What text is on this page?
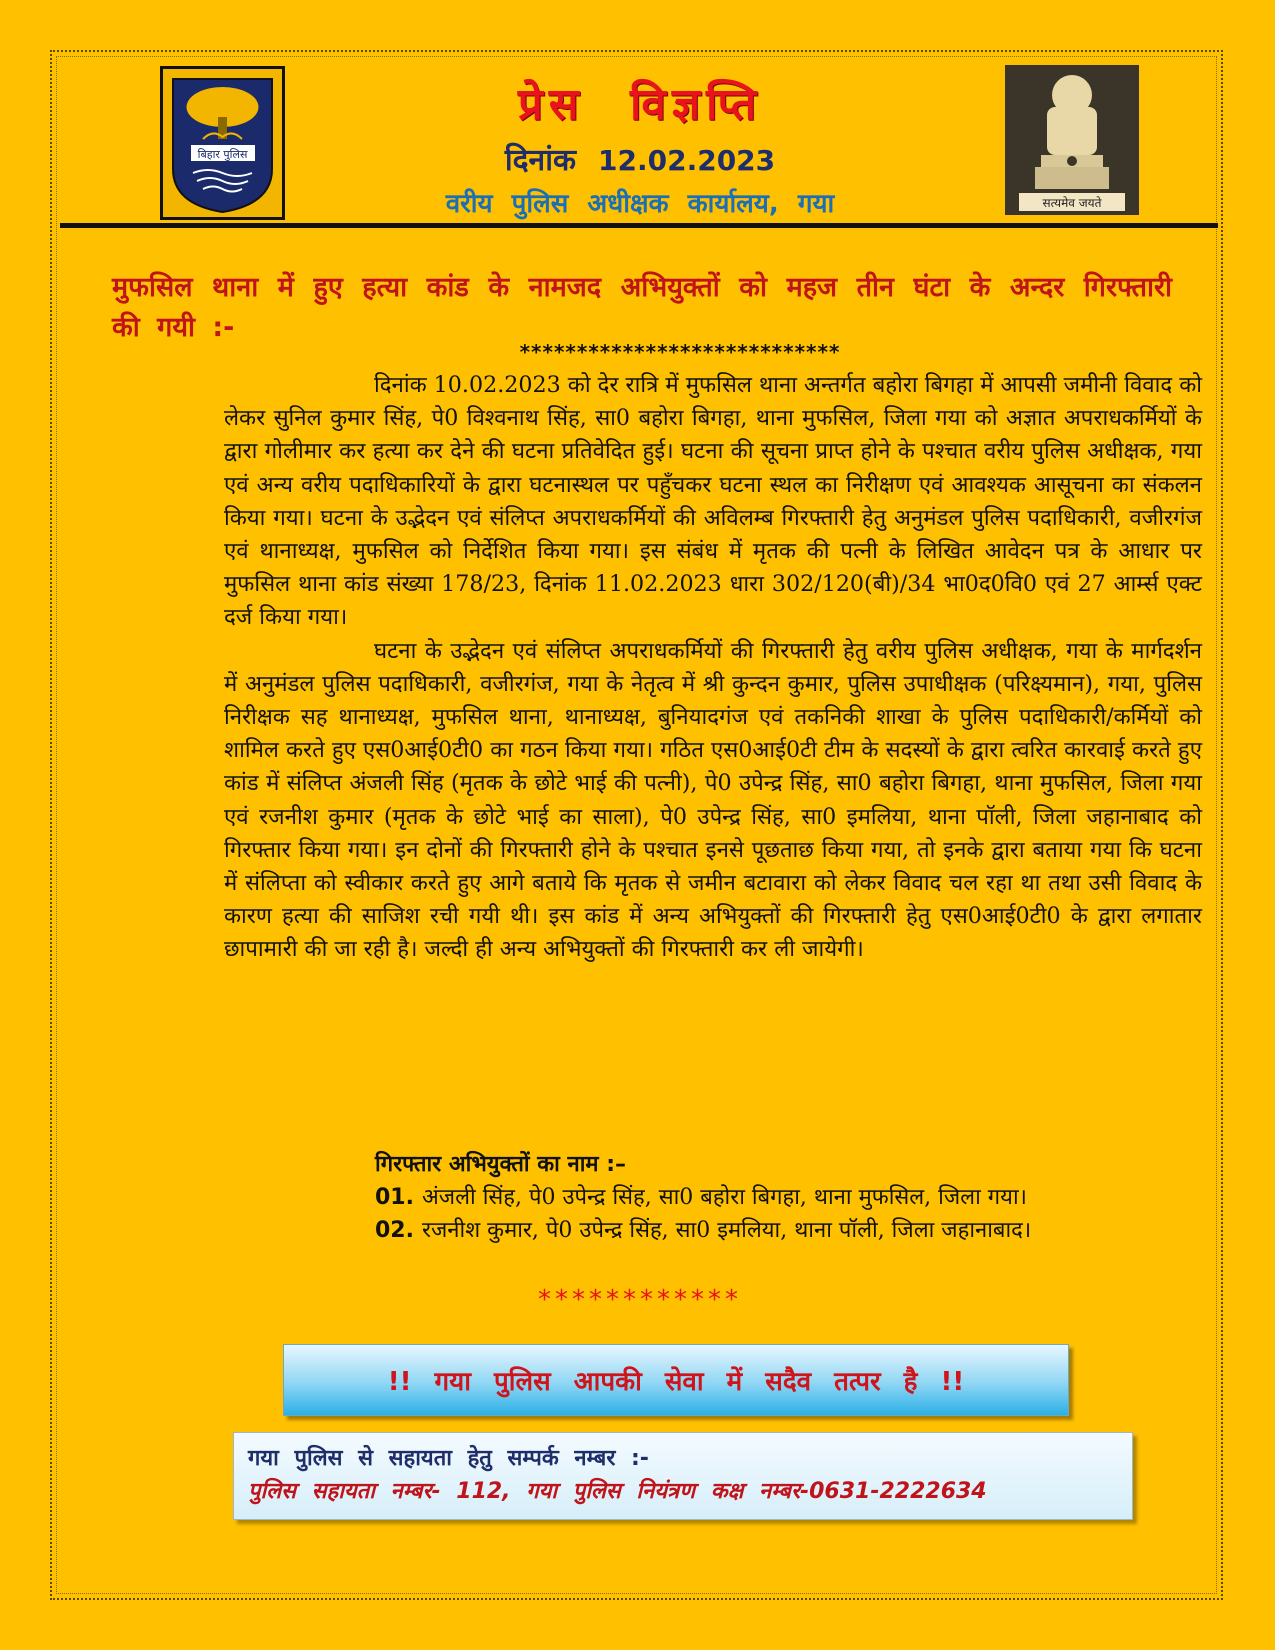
बिहार पुलिस
सत्यमेव जयते
प्रेस विज्ञप्ति
दिनांक 12.02.2023
वरीय पुलिस अधीक्षक कार्यालय, गया
मुफसिल थाना में हुए हत्या कांड के नामजद अभियुक्तों को महज तीन घंटा के अन्दर गिरफ्तारी की गयी :-
****************************

दिनांक 10.02.2023 को देर रात्रि में मुफसिल थाना अन्तर्गत बहोरा बिगहा में आपसी जमीनी विवाद को लेकर सुनिल कुमार सिंह, पे0 विश्वनाथ सिंह, सा0 बहोरा बिगहा, थाना मुफसिल, जिला गया को अज्ञात अपराधकर्मियों के द्वारा गोलीमार कर हत्या कर देने की घटना प्रतिवेदित हुई। घटना की सूचना प्राप्त होने के पश्चात वरीय पुलिस अधीक्षक, गया एवं अन्य वरीय पदाधिकारियों के द्वारा घटनास्थल पर पहुँचकर घटना स्थल का निरीक्षण एवं आवश्यक आसूचना का संकलन किया गया। घटना के उद्भेदन एवं संलिप्त अपराधकर्मियों की अविलम्ब गिरफ्तारी हेतु अनुमंडल पुलिस पदाधिकारी, वजीरगंज एवं थानाध्यक्ष, मुफसिल को निर्देशित किया गया। इस संबंध में मृतक की पत्नी के लिखित आवेदन पत्र के आधार पर मुफसिल थाना कांड संख्या 178/23, दिनांक 11.02.2023 धारा 302/120(बी)/34 भा0द0वि0 एवं 27 आर्म्स एक्ट दर्ज किया गया।

घटना के उद्भेदन एवं संलिप्त अपराधकर्मियों की गिरफ्तारी हेतु वरीय पुलिस अधीक्षक, गया के मार्गदर्शन में अनुमंडल पुलिस पदाधिकारी, वजीरगंज, गया के नेतृत्व में श्री कुन्दन कुमार, पुलिस उपाधीक्षक (परिक्ष्यमान), गया, पुलिस निरीक्षक सह थानाध्यक्ष, मुफसिल थाना, थानाध्यक्ष, बुनियादगंज एवं तकनिकी शाखा के पुलिस पदाधिकारी/कर्मियों को शामिल करते हुए एस0आई0टी0 का गठन किया गया। गठित एस0आई0टी टीम के सदस्यों के द्वारा त्वरित कारवाई करते हुए कांड में संलिप्त अंजली सिंह (मृतक के छोटे भाई की पत्नी), पे0 उपेन्द्र सिंह, सा0 बहोरा बिगहा, थाना मुफसिल, जिला गया एवं रजनीश कुमार (मृतक के छोटे भाई का साला), पे0 उपेन्द्र सिंह, सा0 इमलिया, थाना पॉली, जिला जहानाबाद को गिरफ्तार किया गया। इन दोनों की गिरफ्तारी होने के पश्चात इनसे पूछताछ किया गया, तो इनके द्वारा बताया गया कि घटना में संलिप्ता को स्वीकार करते हुए आगे बताये कि मृतक से जमीन बटावारा को लेकर विवाद चल रहा था तथा उसी विवाद के कारण हत्या की साजिश रची गयी थी। इस कांड में अन्य अभियुक्तों की गिरफ्तारी हेतु एस0आई0टी0 के द्वारा लगातार छापामारी की जा रही है। जल्दी ही अन्य अभियुक्तों की गिरफ्तारी कर ली जायेगी।

गिरफ्तार अभियुक्तों का नाम :–
01. अंजली सिंह, पे0 उपेन्द्र सिंह, सा0 बहोरा बिगहा, थाना मुफसिल, जिला गया।
02. रजनीश कुमार, पे0 उपेन्द्र सिंह, सा0 इमलिया, थाना पॉली, जिला जहानाबाद।
************
!! गया पुलिस आपकी सेवा में सदैव तत्पर है !!
गया पुलिस से सहायता हेतु सम्पर्क नम्बर :-
पुलिस सहायता नम्बर- 112, गया पुलिस नियंत्रण कक्ष नम्बर-0631-2222634
